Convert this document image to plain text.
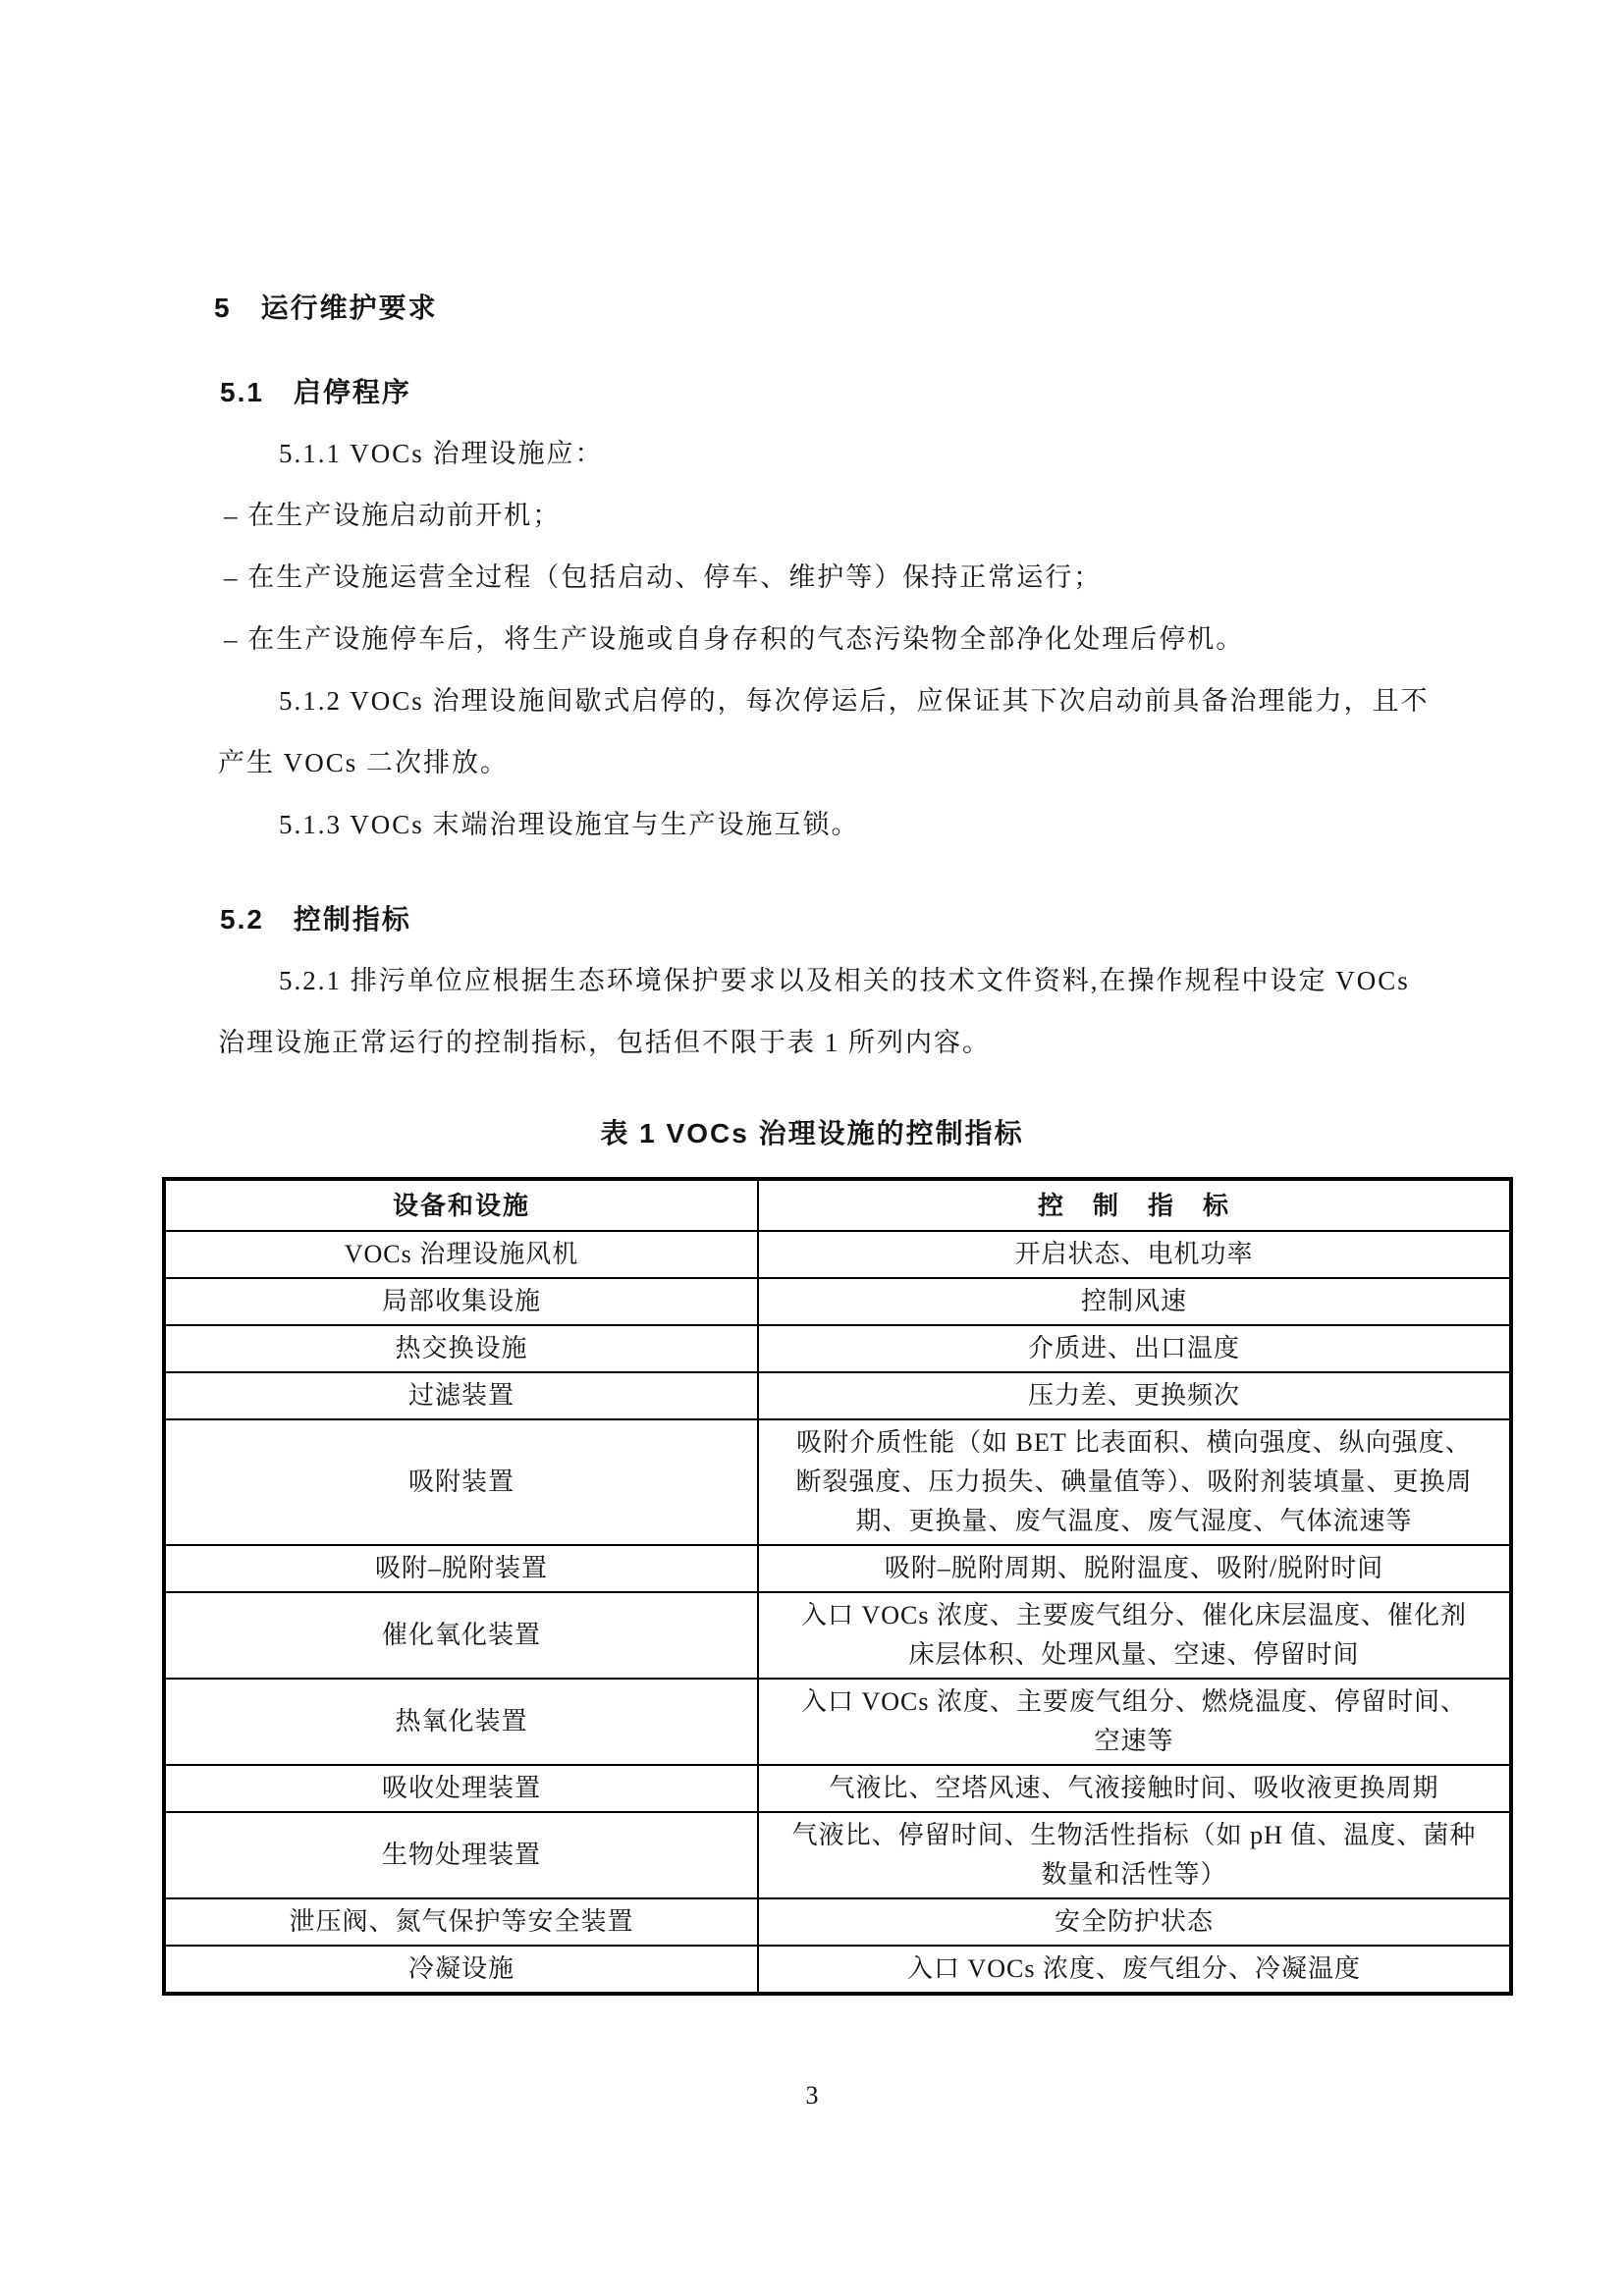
5　运行维护要求
5.1　启停程序
5.1.1 VOCs 治理设施应：
– 在生产设施启动前开机；
– 在生产设施运营全过程（包括启动、停车、维护等）保持正常运行；
– 在生产设施停车后，将生产设施或自身存积的气态污染物全部净化处理后停机。
5.1.2 VOCs 治理设施间歇式启停的，每次停运后，应保证其下次启动前具备治理能力，且不
产生 VOCs 二次排放。
5.1.3 VOCs 末端治理设施宜与生产设施互锁。
5.2　控制指标
5.2.1 排污单位应根据生态环境保护要求以及相关的技术文件资料,在操作规程中设定 VOCs
治理设施正常运行的控制指标，包括但不限于表 1 所列内容。
表 1 VOCs 治理设施的控制指标
设备和设施	控　制　指　标
VOCs 治理设施风机	开启状态、电机功率
局部收集设施	控制风速
热交换设施	介质进、出口温度
过滤装置	压力差、更换频次
吸附装置	吸附介质性能（如 BET 比表面积、横向强度、纵向强度、断裂强度、压力损失、碘量值等）、吸附剂装填量、更换周期、更换量、废气温度、废气湿度、气体流速等
吸附–脱附装置	吸附–脱附周期、脱附温度、吸附/脱附时间
催化氧化装置	入口 VOCs 浓度、主要废气组分、催化床层温度、催化剂床层体积、处理风量、空速、停留时间
热氧化装置	入口 VOCs 浓度、主要废气组分、燃烧温度、停留时间、空速等
吸收处理装置	气液比、空塔风速、气液接触时间、吸收液更换周期
生物处理装置	气液比、停留时间、生物活性指标（如 pH 值、温度、菌种数量和活性等）
泄压阀、氮气保护等安全装置	安全防护状态
冷凝设施	入口 VOCs 浓度、废气组分、冷凝温度
3
